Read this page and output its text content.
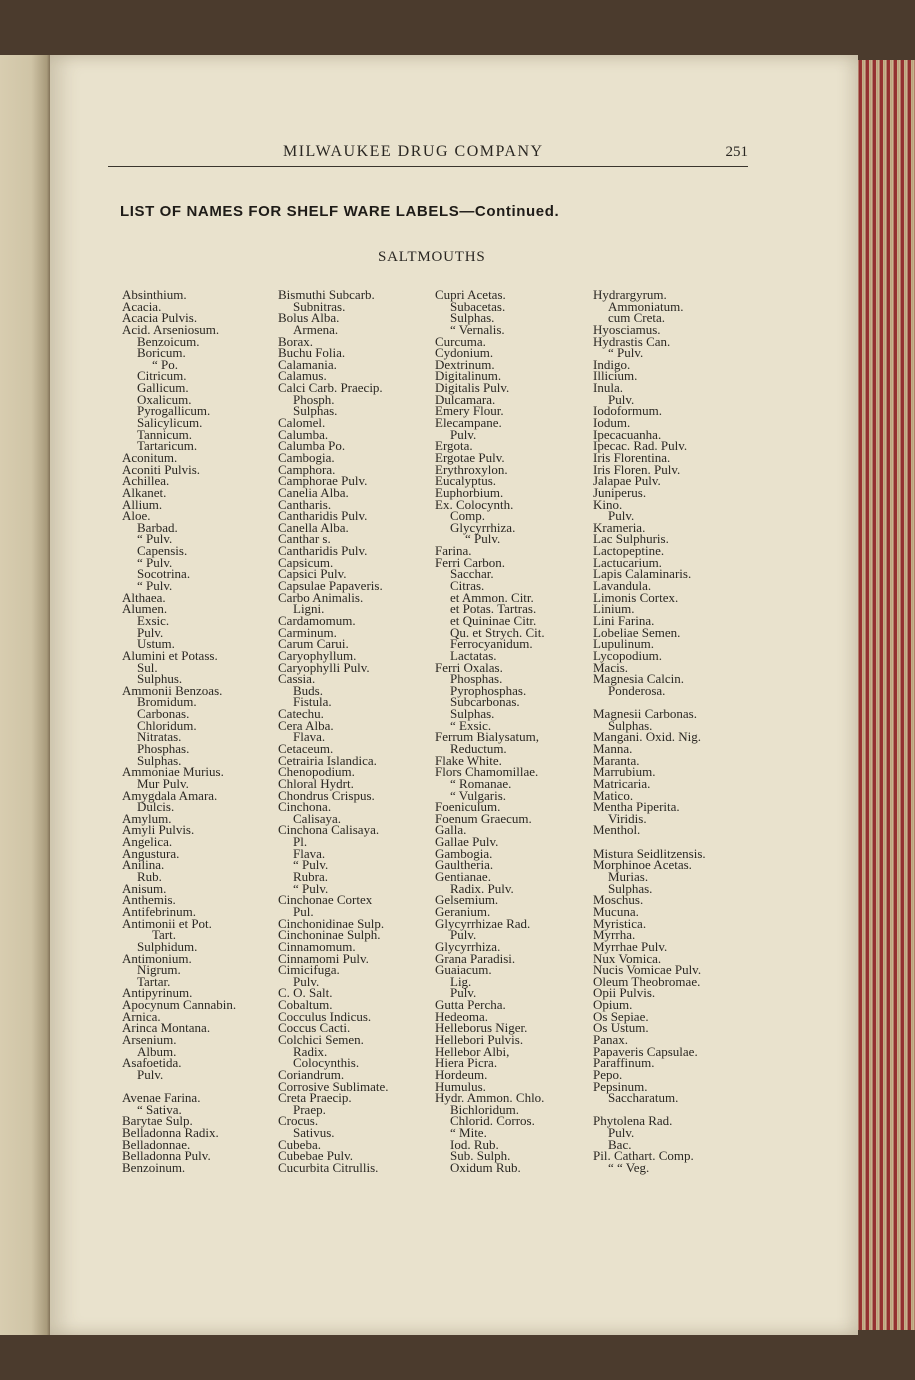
MILWAUKEE DRUG COMPANY	251
LIST OF NAMES FOR SHELF WARE LABELS—Continued.
SALTMOUTHS
Absinthium.
Acacia.
Acacia Pulvis.
Acid. Arseniosum.
Benzoicum.
Boricum.
“ Po.
Citricum.
Gallicum.
Oxalicum.
Pyrogallicum.
Salicylicum.
Tannicum.
Tartaricum.
Aconitum.
Aconiti Pulvis.
Achillea.
Alkanet.
Allium.
Aloe.
Barbad.
“ Pulv.
Capensis.
“ Pulv.
Socotrina.
“ Pulv.
Althaea.
Alumen.
Exsic.
Pulv.
Ustum.
Alumini et Potass.
Sul.
Sulphus.
Ammonii Benzoas.
Bromidum.
Carbonas.
Chloridum.
Nitratas.
Phosphas.
Sulphas.
Ammoniae Murius.
Mur Pulv.
Amygdala Amara.
Dulcis.
Amylum.
Amyli Pulvis.
Angelica.
Angustura.
Anilina.
Rub.
Anisum.
Anthemis.
Antifebrinum.
Antimonii et Pot.
Tart.
Sulphidum.
Antimonium.
Nigrum.
Tartar.
Antipyrinum.
Apocynum Cannabin.
Arnica.
Arinca Montana.
Arsenium.
Album.
Asafoetida.
Pulv.
Avenae Farina.
“ Sativa.
Barytae Sulp.
Belladonna Radix.
Belladonnae.
Belladonna Pulv.
Benzoinum.
Bismuthi Subcarb.
Subnitras.
Bolus Alba.
Armena.
Borax.
Buchu Folia.
Calamania.
Calamus.
Calci Carb. Praecip.
Phosph.
Sulphas.
Calomel.
Calumba.
Calumba Po.
Cambogia.
Camphora.
Camphorae Pulv.
Canelia Alba.
Cantharis.
Cantharidis Pulv.
Canella Alba.
Canthar s.
Cantharidis Pulv.
Capsicum.
Capsici Pulv.
Capsulae Papaveris.
Carbo Animalis.
Ligni.
Cardamomum.
Carminum.
Carum Carui.
Caryophyllum.
Caryophylli Pulv.
Cassia.
Buds.
Fistula.
Catechu.
Cera Alba.
Flava.
Cetaceum.
Cetrairia Islandica.
Chenopodium.
Chloral Hydrt.
Chondrus Crispus.
Cinchona.
Calisaya.
Cinchona Calisaya.
Pl.
Flava.
“ Pulv.
Rubra.
“ Pulv.
Cinchonae Cortex
Pul.
Cinchonidinae Sulp.
Cinchoninae Sulph.
Cinnamomum.
Cinnamomi Pulv.
Cimicifuga.
Pulv.
C. O. Salt.
Cobaltum.
Cocculus Indicus.
Coccus Cacti.
Colchici Semen.
Radix.
Colocynthis.
Coriandrum.
Corrosive Sublimate.
Creta Praecip.
Praep.
Crocus.
Sativus.
Cubeba.
Cubebae Pulv.
Cucurbita Citrullis.
Cupri Acetas.
Subacetas.
Sulphas.
“ Vernalis.
Curcuma.
Cydonium.
Dextrinum.
Digitalinum.
Digitalis Pulv.
Dulcamara.
Emery Flour.
Elecampane.
Pulv.
Ergota.
Ergotae Pulv.
Erythroxylon.
Eucalyptus.
Euphorbium.
Ex. Colocynth.
Comp.
Glycyrrhiza.
“ Pulv.
Farina.
Ferri Carbon.
Sacchar.
Citras.
et Ammon. Citr.
et Potas. Tartras.
et Quininae Citr.
Qu. et Strych. Cit.
Ferrocyanidum.
Lactatas.
Ferri Oxalas.
Phosphas.
Pyrophosphas.
Subcarbonas.
Sulphas.
“ Exsic.
Ferrum Bialysatum,
Reductum.
Flake White.
Flors Chamomillae.
“ Romanae.
“ Vulgaris.
Foeniculum.
Foenum Graecum.
Galla.
Gallae Pulv.
Gambogia.
Gaultheria.
Gentianae.
Radix. Pulv.
Gelsemium.
Geranium.
Glycyrrhizae Rad.
Pulv.
Glycyrrhiza.
Grana Paradisi.
Guaiacum.
Lig.
Pulv.
Gutta Percha.
Hedeoma.
Helleborus Niger.
Hellebori Pulvis.
Hellebor Albi,
Hiera Picra.
Hordeum.
Humulus.
Hydr. Ammon. Chlo.
Bichloridum.
Chlorid. Corros.
“ Mite.
Iod. Rub.
Sub. Sulph.
Oxidum Rub.
Hydrargyrum.
Ammoniatum.
cum Creta.
Hyosciamus.
Hydrastis Can.
“ Pulv.
Indigo.
Illicium.
Inula.
Pulv.
Iodoformum.
Iodum.
Ipecacuanha.
Ipecac. Rad. Pulv.
Iris Florentina.
Iris Floren. Pulv.
Jalapae Pulv.
Juniperus.
Kino.
Pulv.
Krameria.
Lac Sulphuris.
Lactopeptine.
Lactucarium.
Lapis Calaminaris.
Lavandula.
Limonis Cortex.
Linium.
Lini Farina.
Lobeliae Semen.
Lupulinum.
Lycopodium.
Macis.
Magnesia Calcin.
Ponderosa.
Magnesii Carbonas.
Sulphas.
Mangani. Oxid. Nig.
Manna.
Maranta.
Marrubium.
Matricaria.
Matico.
Mentha Piperita.
Viridis.
Menthol.
Mistura Seidlitzensis.
Morphinoe Acetas.
Murias.
Sulphas.
Moschus.
Mucuna.
Myristica.
Myrrha.
Myrrhae Pulv.
Nux Vomica.
Nucis Vomicae Pulv.
Oleum Theobromae.
Opii Pulvis.
Opium.
Os Sepiae.
Os Ustum.
Panax.
Papaveris Capsulae.
Paraffinum.
Pepo.
Pepsinum.
Saccharatum.
Phytolena Rad.
Pulv.
Bac.
Pil. Cathart. Comp.
“ “ Veg.
